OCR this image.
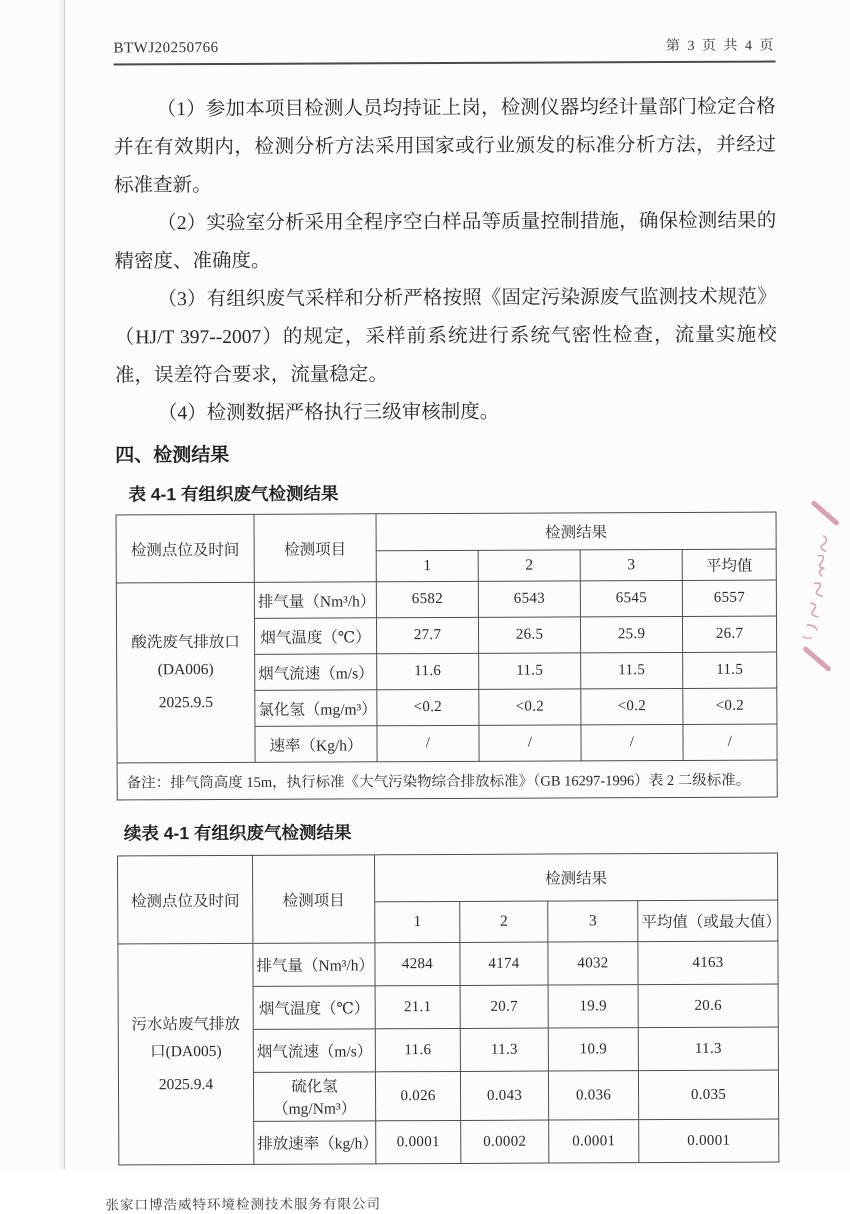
BTWJ20250766	第 3 页 共 4 页

（1）参加本项目检测人员均持证上岗，检测仪器均经计量部门检定合格并在有效期内，检测分析方法采用国家或行业颁发的标准分析方法，并经过标准查新。

（2）实验室分析采用全程序空白样品等质量控制措施，确保检测结果的精密度、准确度。

（3）有组织废气采样和分析严格按照《固定污染源废气监测技术规范》（HJ/T 397--2007）的规定，采样前系统进行系统气密性检查，流量实施校准，误差符合要求，流量稳定。

（4）检测数据严格执行三级审核制度。

四、检测结果
表 4-1 有组织废气检测结果
检测点位及时间	检测项目	检测结果			
		1	2	3	平均值

酸洗废气排放口
(DA006)
2025.9.5	排气量（Nm³/h）	6582	6543	6545	6557
	烟气温度（℃）	27.7	26.5	25.9	26.7
	烟气流速（m/s）	11.6	11.5	11.5	11.5
	氯化氢（mg/m³）	<0.2	<0.2	<0.2	<0.2
	速率（Kg/h）	/	/	/	/
备注：排气筒高度 15m，执行标准《大气污染物综合排放标准》（GB 16297-1996）表 2 二级标准。					
续表 4-1 有组织废气检测结果
检测点位及时间	检测项目	检测结果			
		1	2	3	平均值（或最大值）

污水站废气排放
口(DA005)
2025.9.4	排气量（Nm³/h）	4284	4174	4032	4163
	烟气温度（℃）	21.1	20.7	19.9	20.6
	烟气流速（m/s）	11.6	11.3	10.9	11.3
	硫化氢（mg/Nm³）	0.026	0.043	0.036	0.035
	排放速率（kg/h）	0.0001	0.0002	0.0001	0.0001
张家口博浩威特环境检测技术服务有限公司
